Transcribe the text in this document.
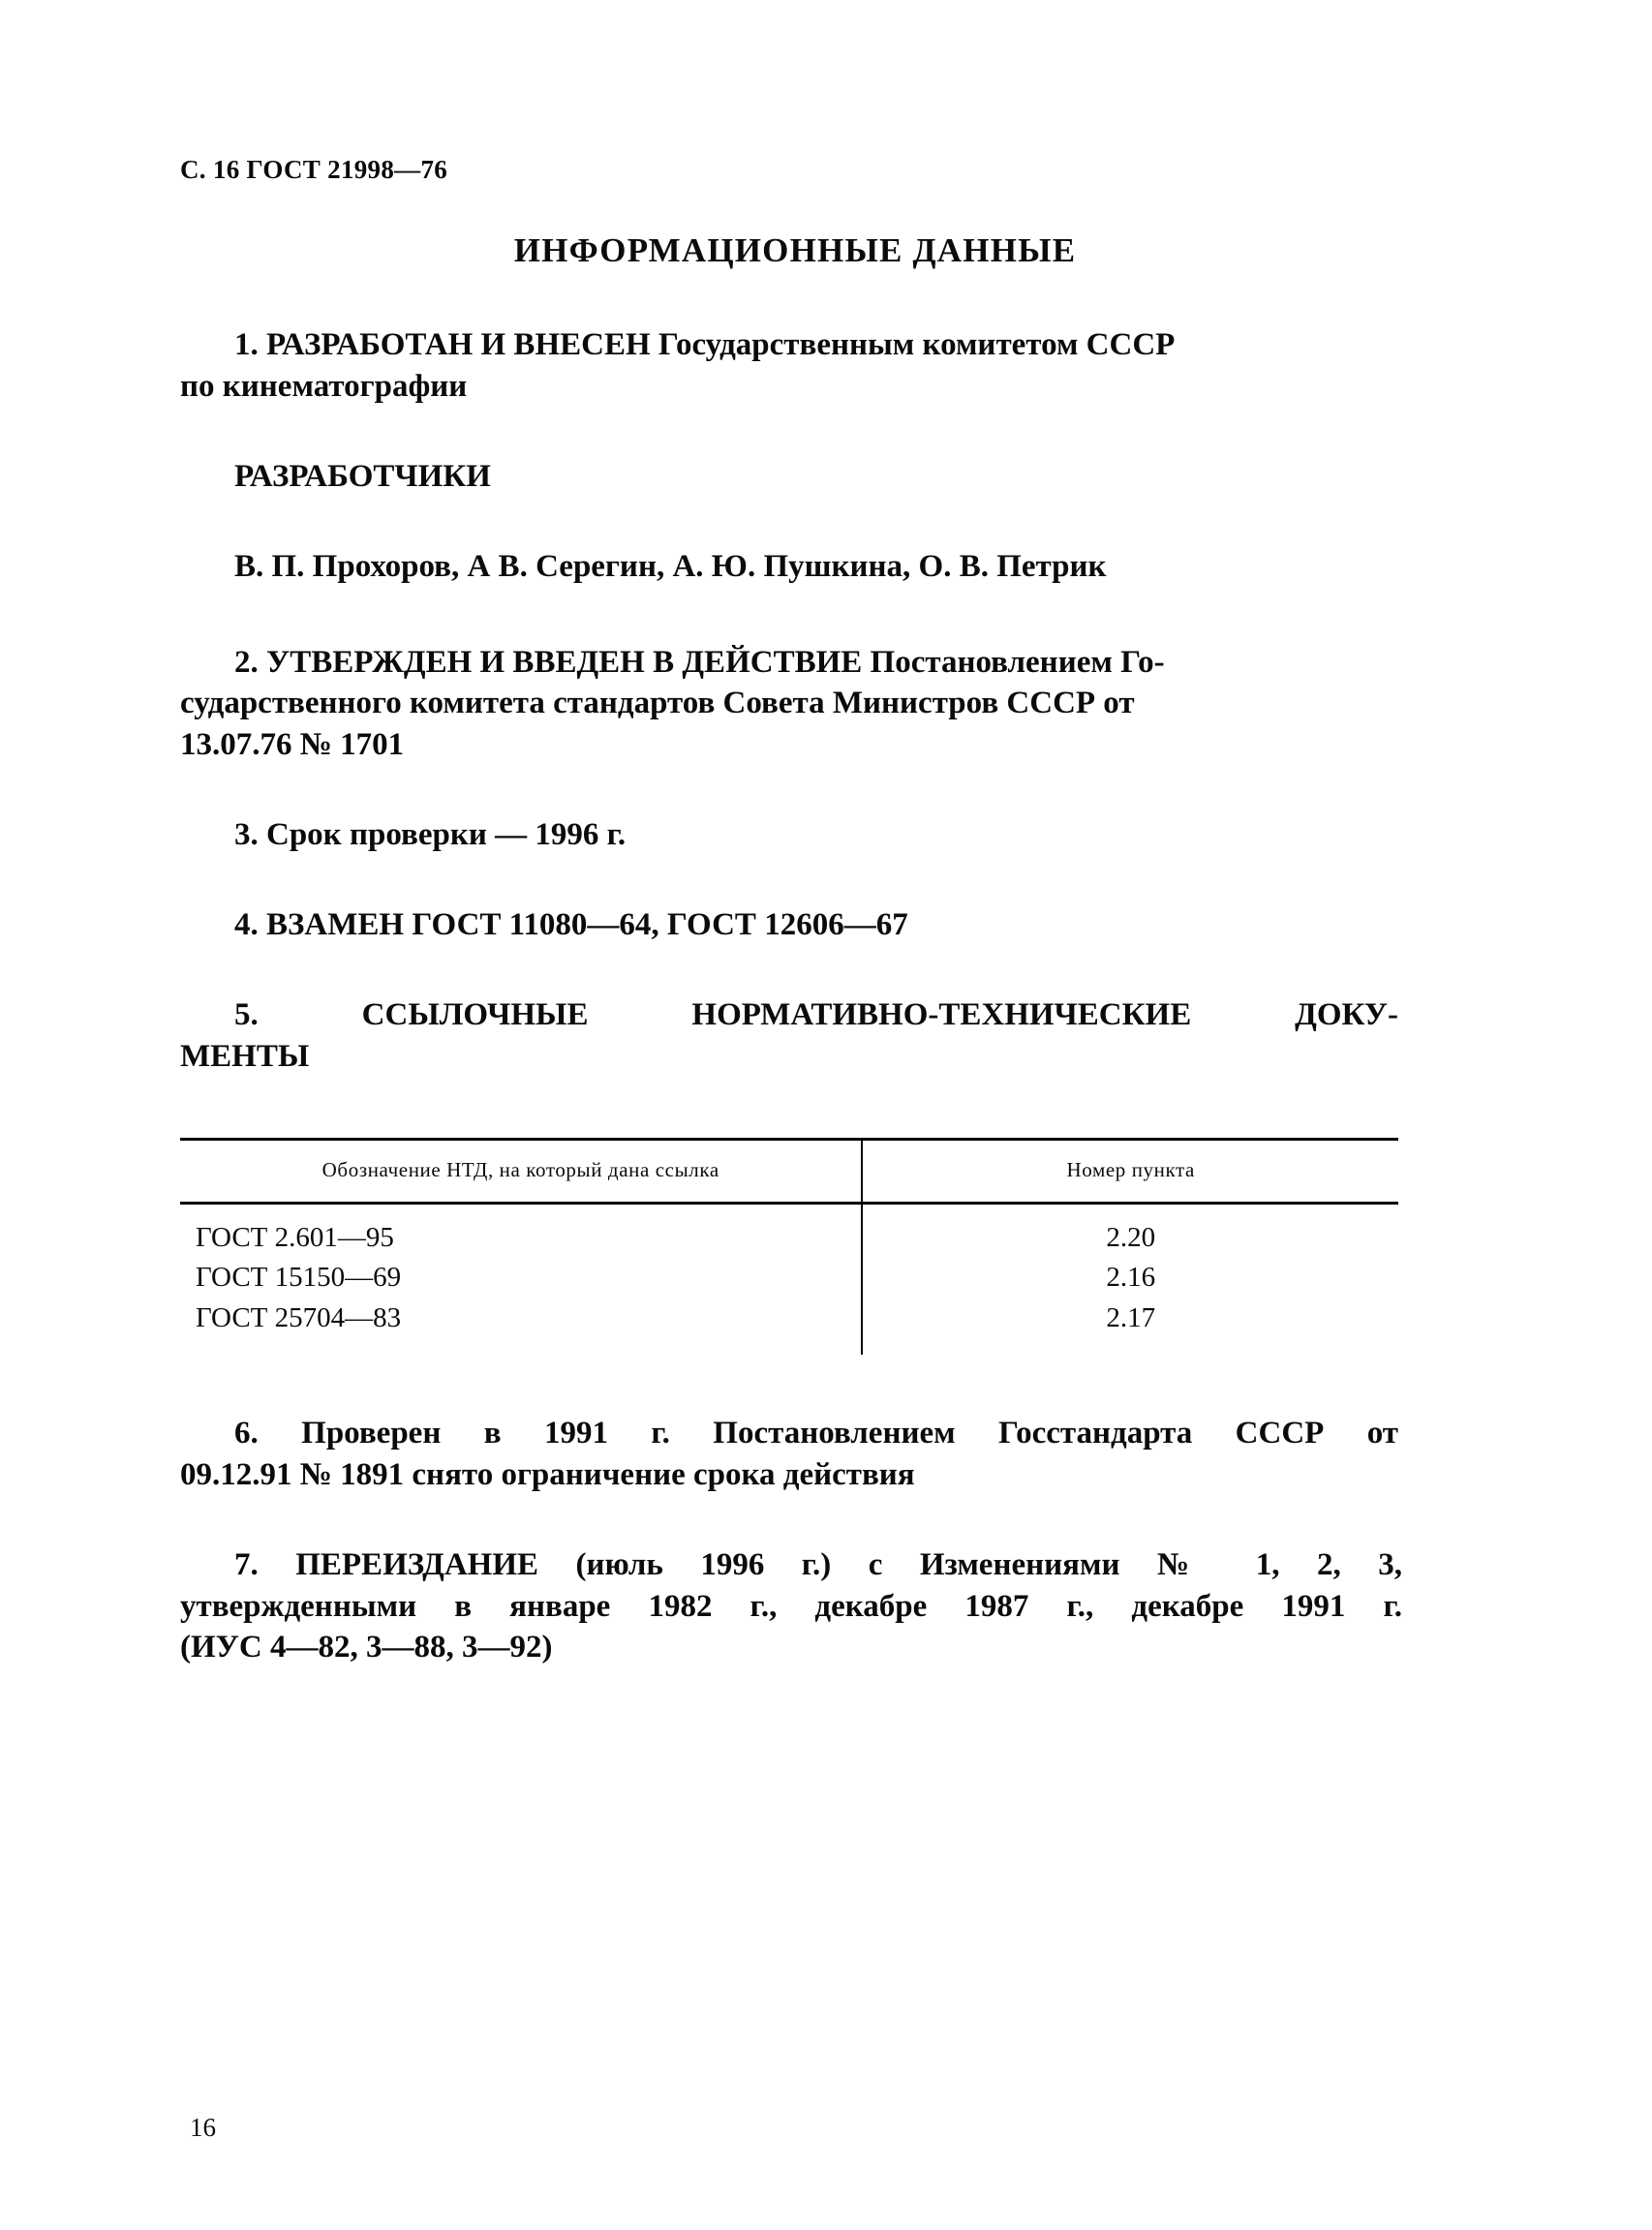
С. 16 ГОСТ 21998—76
ИНФОРМАЦИОННЫЕ ДАННЫЕ

1. РАЗРАБОТАН И ВНЕСЕН Государственным комитетом СССР

по кинематографии

РАЗРАБОТЧИКИ

В. П. Прохоров, А В. Серегин, А. Ю. Пушкина, О. В. Петрик

2. УТВЕРЖДЕН И ВВЕДЕН В ДЕЙСТВИЕ Постановлением Го-

сударственного комитета стандартов Совета Министров СССР от

13.07.76 № 1701

3. Срок проверки — 1996 г.

4. ВЗАМЕН ГОСТ 11080—64, ГОСТ 12606—67

5. ССЫЛОЧНЫЕ НОРМАТИВНО-ТЕХНИЧЕСКИЕ ДОКУ-

МЕНТЫ

Обозначение НТД, на который дана ссылка	Номер пункта
ГОСТ 2.601—95	2.20
ГОСТ 15150—69	2.16
ГОСТ 25704—83	2.17

6. Проверен в 1991 г. Постановлением Госстандарта СССР от

09.12.91 № 1891 снято ограничение срока действия

7. ПЕРЕИЗДАНИЕ (июль 1996 г.) с Изменениями № 1, 2, 3,

утвержденными в январе 1982 г., декабре 1987 г., декабре 1991 г.

(ИУС 4—82, 3—88, 3—92)

16
